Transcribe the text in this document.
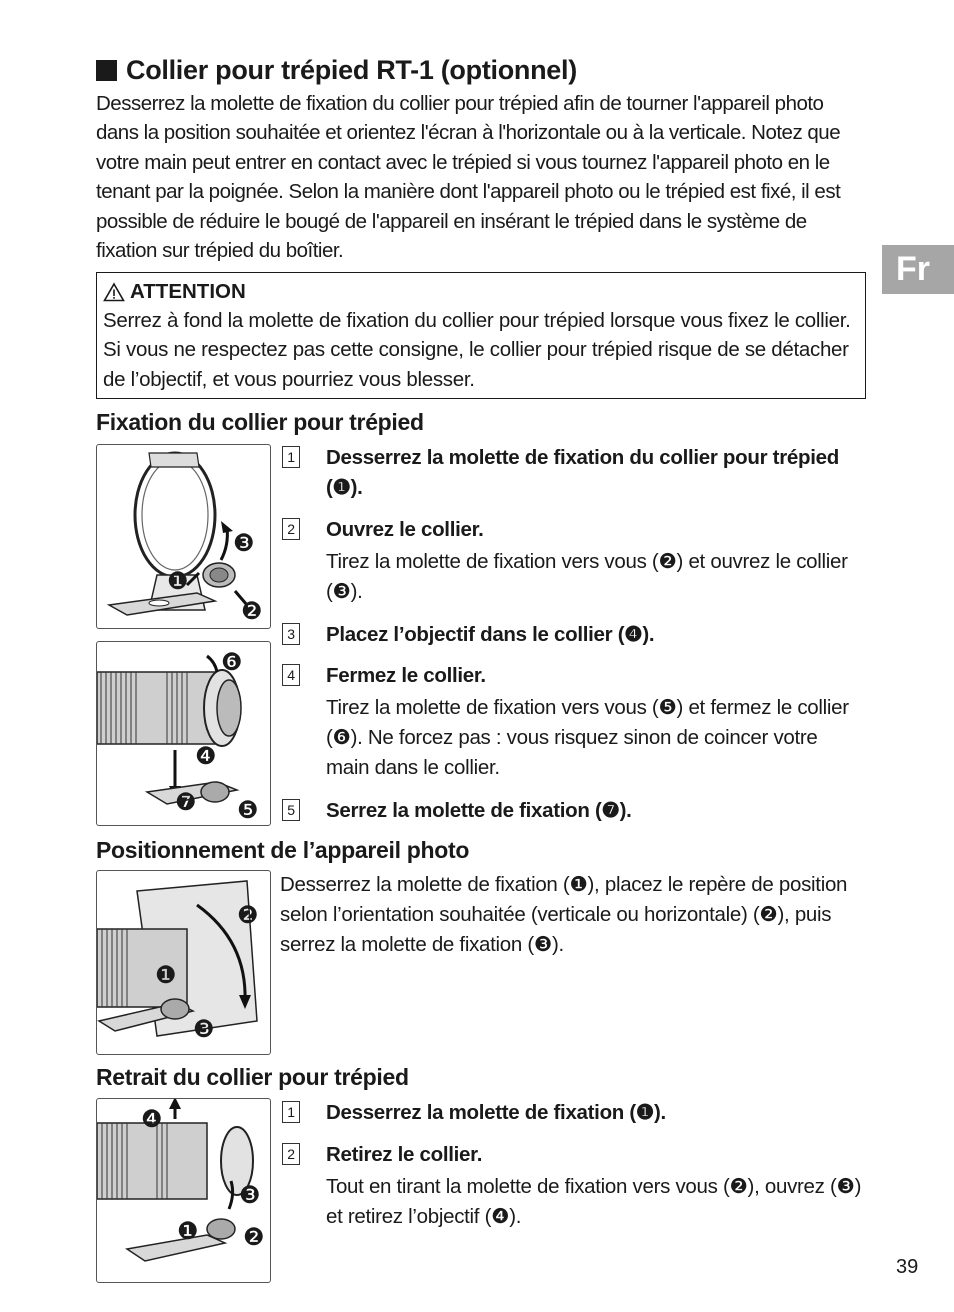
Collier pour trépied RT-1 (optionnel)
Desserrez la molette de fixation du collier pour trépied afin de tourner l'appareil photo dans la position souhaitée et orientez l'écran à l'horizontale ou à la verticale. Notez que votre main peut entrer en contact avec le trépied si vous tournez l'appareil photo en le tenant par la poignée. Selon la manière dont l'appareil photo ou le trépied est fixé, il est possible de réduire le bougé de l'appareil en insérant le trépied dans le système de fixation sur trépied du boîtier.	Fr
ATTENTION
Serrez à fond la molette de fixation du collier pour trépied lorsque vous fixez le collier. Si vous ne respectez pas cette consigne, le collier pour trépied risque de se détacher de l’objectif, et vous pourriez vous blesser.
Fixation du collier pour trépied
❸
❶
❷
❻
❹
❼ ❺
1 Desserrez la molette de fixation du collier pour trépied (❶).
2 Ouvrez le collier.
Tirez la molette de fixation vers vous (❷) et ouvrez le collier (❸).
3 Placez l’objectif dans le collier (❹).
4 Fermez le collier.
Tirez la molette de fixation vers vous (❺) et fermez le collier (❻). Ne forcez pas : vous risquez sinon de coincer votre main dans le collier.
5 Serrez la molette de fixation (❼).
Positionnement de l’appareil photo
❷
❶
❸
Desserrez la molette de fixation (❶), placez le repère de position selon l’orientation souhaitée (verticale ou horizontale) (❷), puis serrez la molette de fixation (❸).
Retrait du collier pour trépied
❹
❸
❶ ❷
1 Desserrez la molette de fixation (❶).
2 Retirez le collier.
Tout en tirant la molette de fixation vers vous (❷), ouvrez (❸) et retirez l’objectif (❹).
39
